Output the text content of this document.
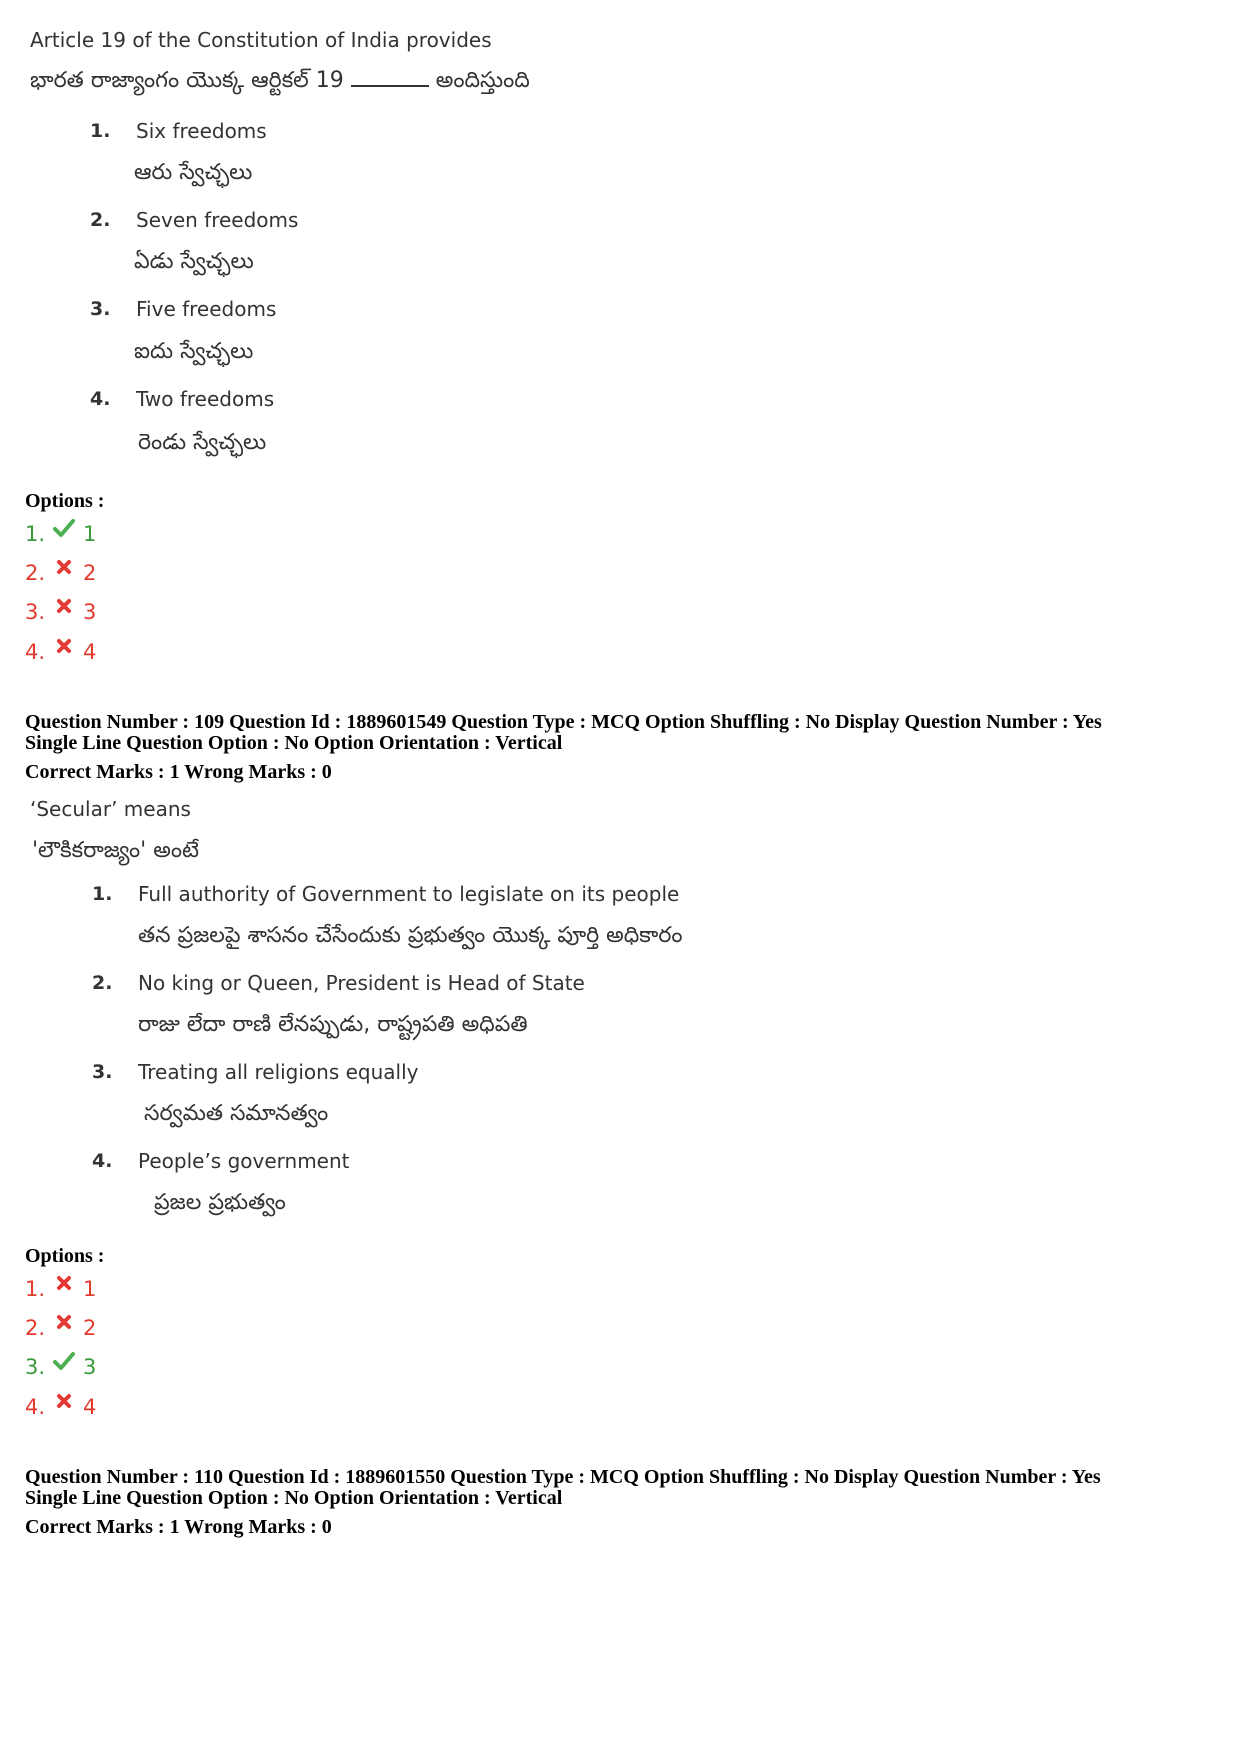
Article 19 of the Constitution of India provides
భారత రాజ్యాంగం యొక్క ఆర్టికల్ 19	అందిస్తుంది
1. Six freedoms
ఆరు స్వేచ్ఛలు
2. Seven freedoms
ఏడు స్వేచ్ఛలు
3. Five freedoms
ఐదు స్వేచ్ఛలు
4. Two freedoms
రెండు స్వేచ్ఛలు
Options :
1. 1
2. 2
3. 3
4. 4
Question Number : 109 Question Id : 1889601549 Question Type : MCQ Option Shuffling : No Display Question Number : Yes
Single Line Question Option : No Option Orientation : Vertical
Correct Marks : 1 Wrong Marks : 0
‘Secular’ means
'లౌకికరాజ్యం' అంటే
1. Full authority of Government to legislate on its people
తన ప్రజలపై శాసనం చేసేందుకు ప్రభుత్వం యొక్క పూర్తి అధికారం
2. No king or Queen, President is Head of State
రాజు లేదా రాణి లేనప్పుడు, రాష్ట్రపతి అధిపతి
3. Treating all religions equally
సర్వమత సమానత్వం
4. People’s government
ప్రజల ప్రభుత్వం
Options :
1. 1
2. 2
3. 3
4. 4
Question Number : 110 Question Id : 1889601550 Question Type : MCQ Option Shuffling : No Display Question Number : Yes
Single Line Question Option : No Option Orientation : Vertical
Correct Marks : 1 Wrong Marks : 0
